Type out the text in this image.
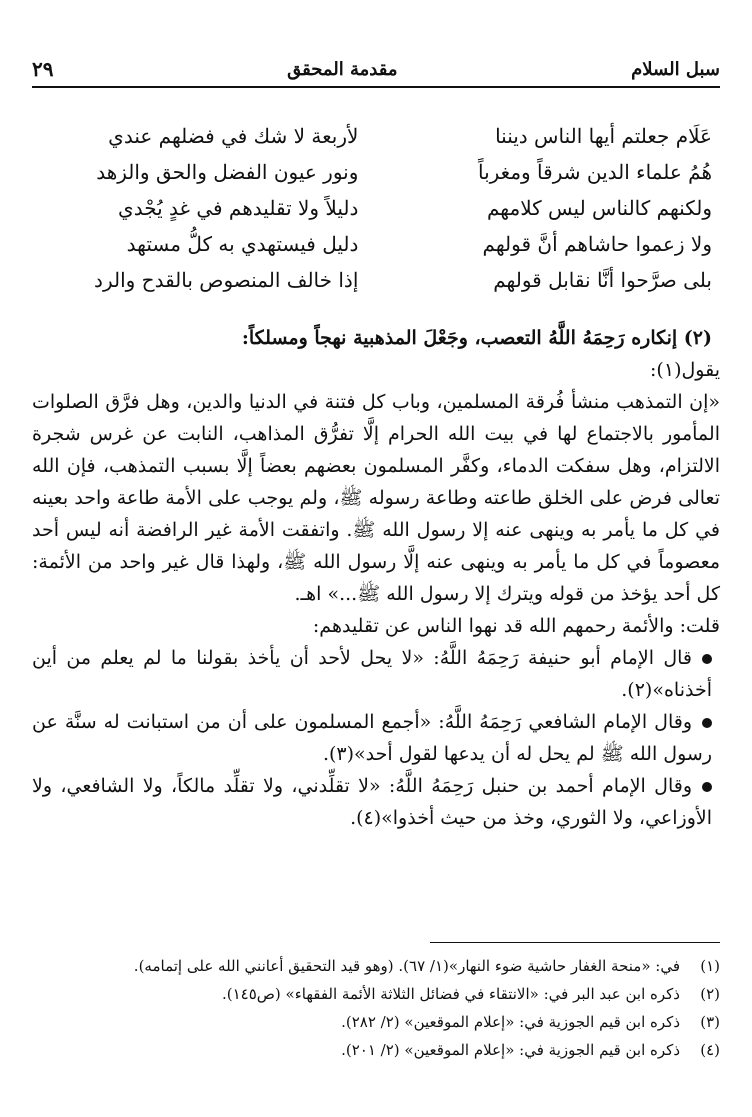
سبل السلام
مقدمة المحقق
٢٩
عَلَام جعلتم أيها الناس ديننا
لأربعة لا شك في فضلهم عندي
هُمُ علماء الدين شرقاً ومغرباً
ونور عيون الفضل والحق والزهد
ولكنهم كالناس ليس كلامهم
دليلاً ولا تقليدهم في غدٍ يُجْدي
ولا زعموا حاشاهم أنَّ قولهم
دليل فيستهدي به كلُّ مستهد
بلى صرَّحوا أنَّا نقابل قولهم
إذا خالف المنصوص بالقدح والرد

(٢) إنكاره رَحِمَهُ اللَّهُ التعصب، وجَعْلَ المذهبية نهجاً ومسلكاً:

يقول(١):

«إن التمذهب منشأ فُرقة المسلمين، وباب كل فتنة في الدنيا والدين، وهل فرَّق الصلوات المأمور بالاجتماع لها في بيت الله الحرام إلَّا تفرُّق المذاهب، النابت عن غرس شجرة الالتزام، وهل سفكت الدماء، وكفَّر المسلمون بعضهم بعضاً إلَّا بسبب التمذهب، فإن الله تعالى فرض على الخلق طاعته وطاعة رسوله ﷺ، ولم يوجب على الأمة طاعة واحد بعينه في كل ما يأمر به وينهى عنه إلا رسول الله ﷺ. واتفقت الأمة غير الرافضة أنه ليس أحد معصوماً في كل ما يأمر به وينهى عنه إلَّا رسول الله ﷺ، ولهذا قال غير واحد من الأئمة: كل أحد يؤخذ من قوله ويترك إلا رسول الله ﷺ...» اهـ.

قلت: والأئمة رحمهم الله قد نهوا الناس عن تقليدهم:

قال الإمام أبو حنيفة رَحِمَهُ اللَّهُ: «لا يحل لأحد أن يأخذ بقولنا ما لم يعلم من أين أخذناه»(٢).

وقال الإمام الشافعي رَحِمَهُ اللَّهُ: «أجمع المسلمون على أن من استبانت له سنَّة عن رسول الله ﷺ لم يحل له أن يدعها لقول أحد»(٣).

وقال الإمام أحمد بن حنبل رَحِمَهُ اللَّهُ: «لا تقلِّدني، ولا تقلِّد مالكاً، ولا الشافعي، ولا الأوزاعي، ولا الثوري، وخذ من حيث أخذوا»(٤).

(١)
في: «منحة الغفار حاشية ضوء النهار»(١/ ٦٧). (وهو قيد التحقيق أعانني الله على إتمامه).
(٢)
ذكره ابن عبد البر في: «الانتقاء في فضائل الثلاثة الأئمة الفقهاء» (ص١٤٥).
(٣)
ذكره ابن قيم الجوزية في: «إعلام الموقعين» (٢/ ٢٨٢).
(٤)
ذكره ابن قيم الجوزية في: «إعلام الموقعين» (٢/ ٢٠١).
